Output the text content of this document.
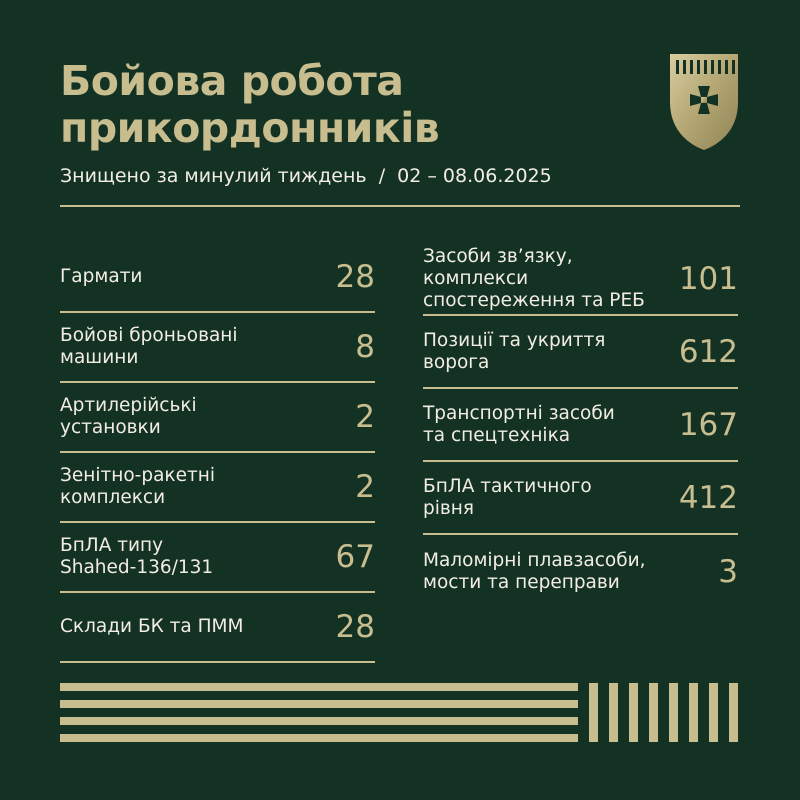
Бойова робота
прикордонників
Знищено за минулий тиждень  /  02 – 08.06.2025
Гармати	28
Бойові броньовані
машини	8
Артилерійські
установки	2
Зенітно-ракетні
комплекси	2
БпЛА типу
Shahed-136/131	67
Склади БК та ПММ	28
Засоби зв’язку,
комплекси
спостереження та РЕБ
101
Позиції та укриття
ворога	612
Транспортні засоби
та спецтехніка	167
БпЛА тактичного
рівня	412
Маломірні плавзасоби,
мости та переправи	3
